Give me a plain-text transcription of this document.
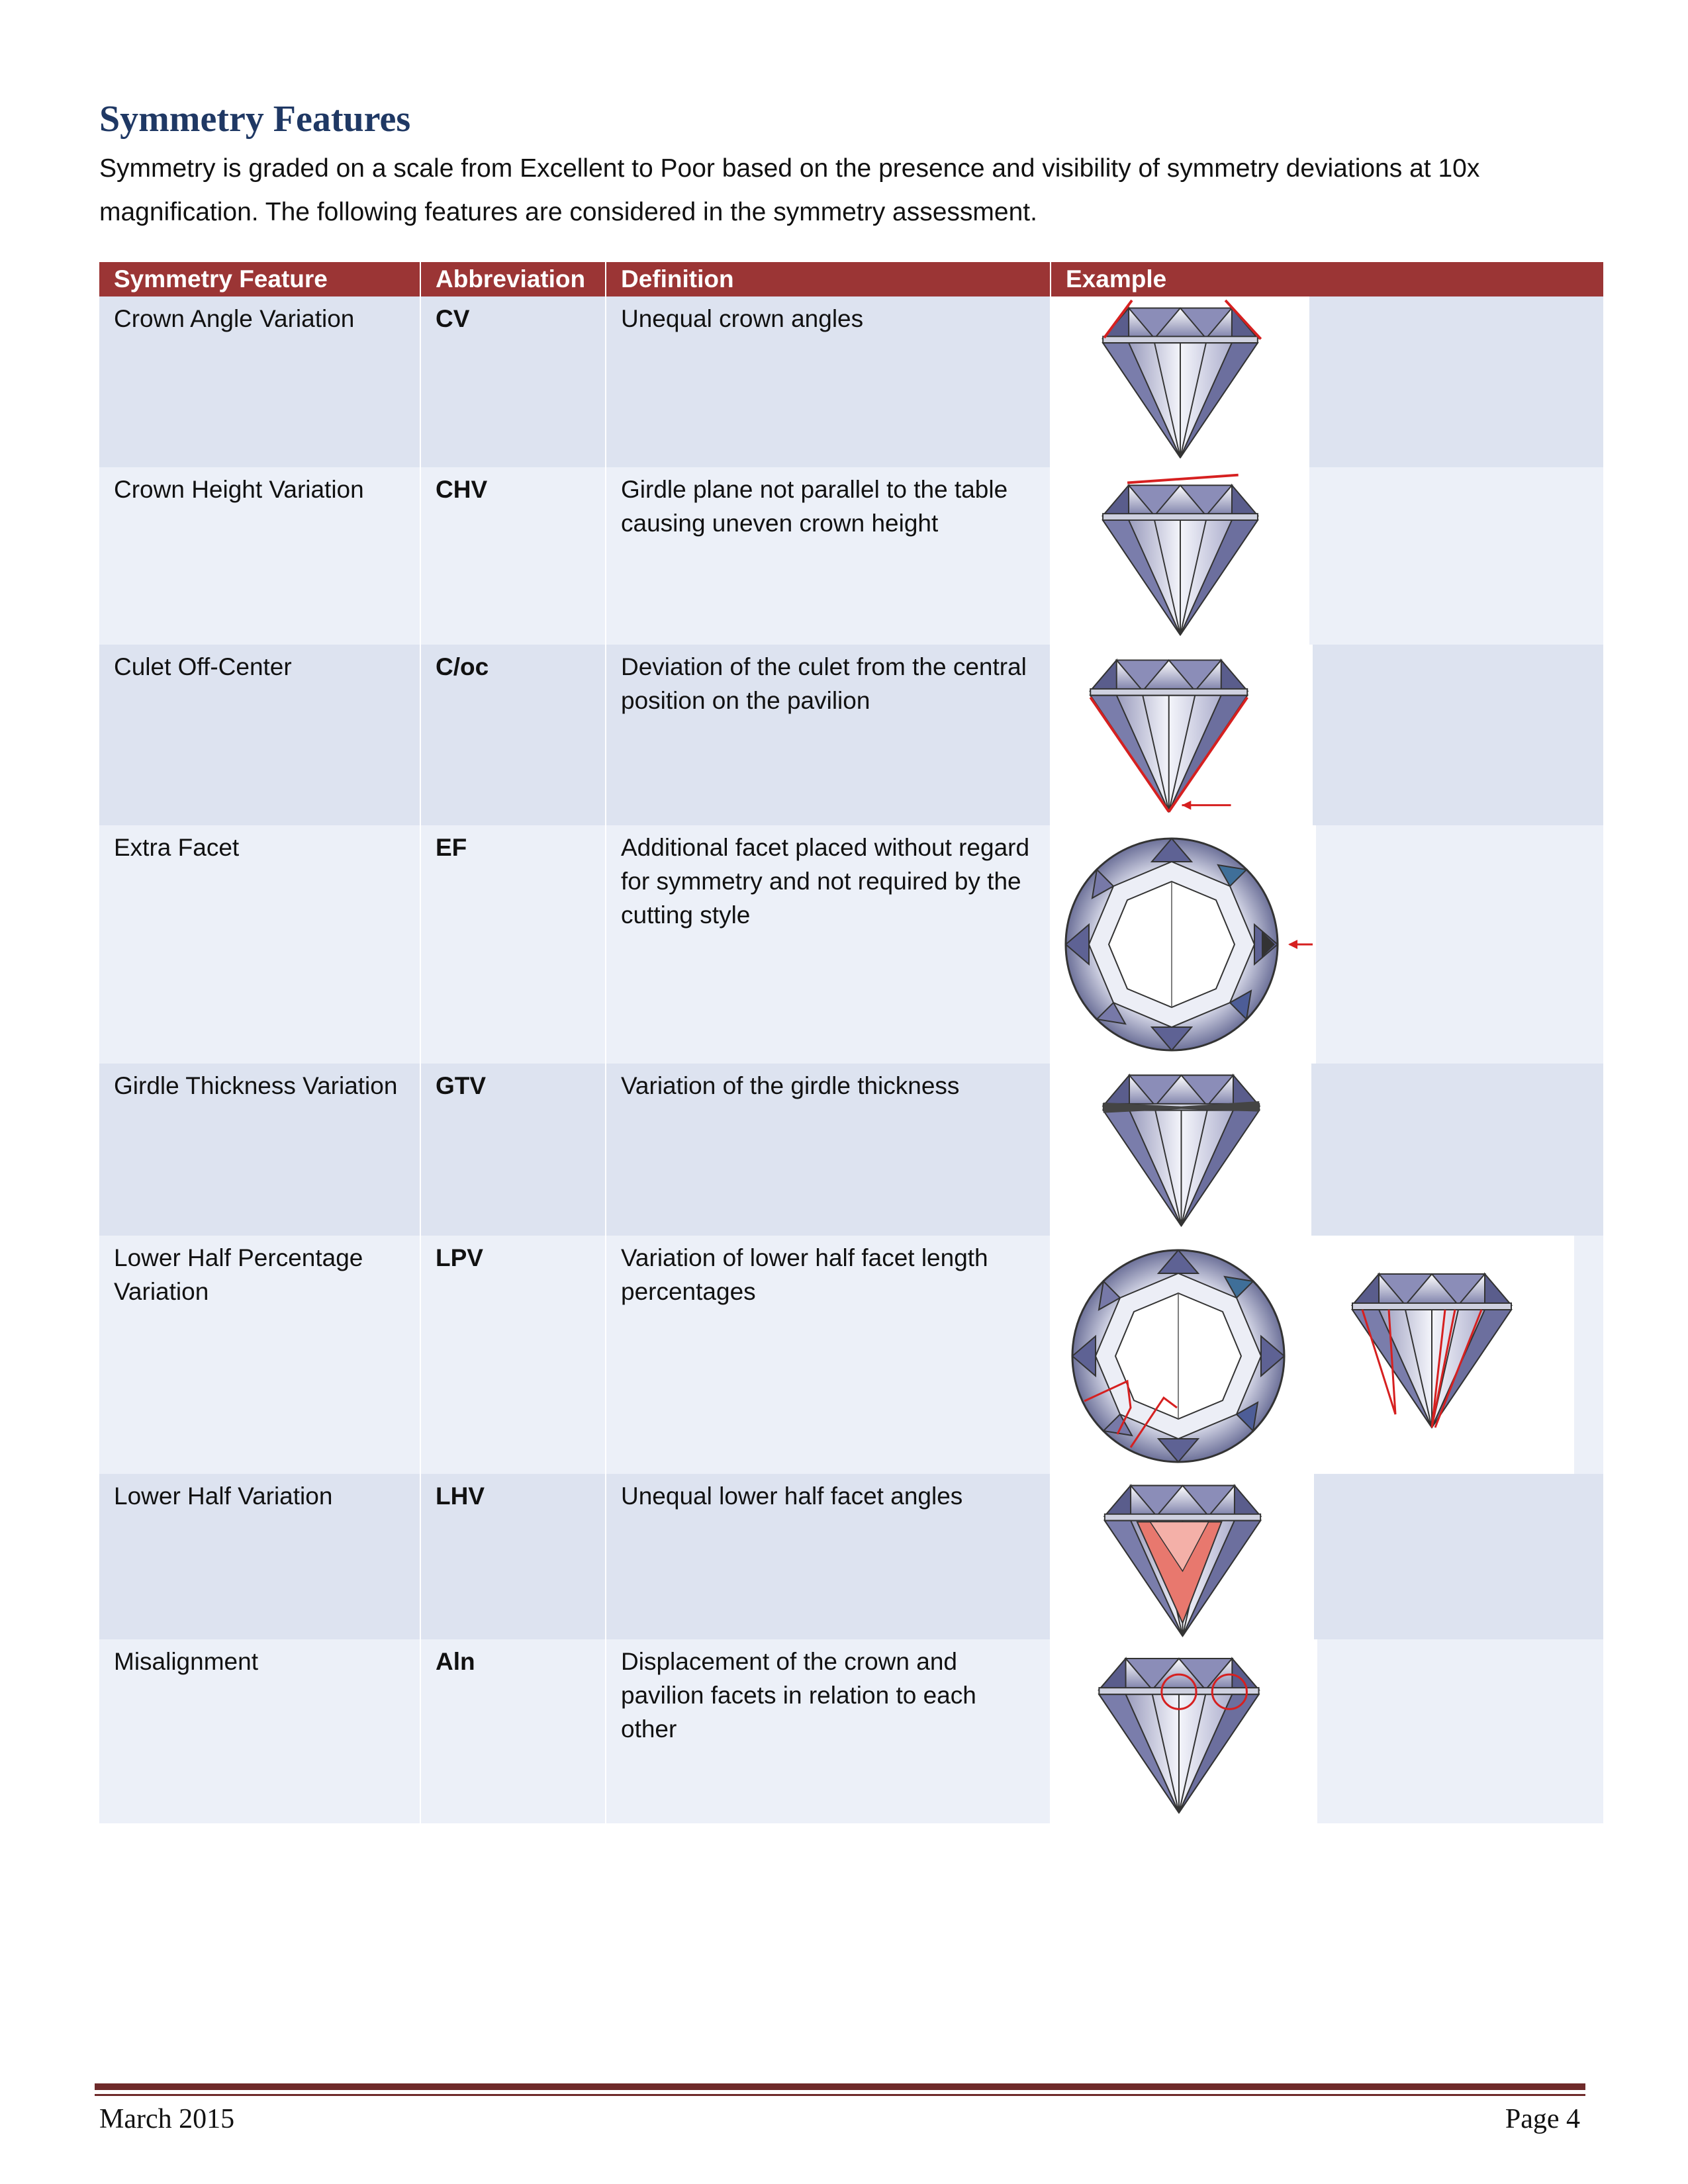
Symmetry Features

Symmetry is graded on a scale from Excellent to Poor based on the presence and visibility of symmetry deviations at 10x magnification. The following features are considered in the symmetry assessment.

Symmetry Feature	Abbreviation	Definition	Example
Crown Angle Variation	CV	Unequal crown angles	

Crown Height Variation	CHV	Girdle plane not parallel to the table causing uneven crown height	

Culet Off-Center	C/oc	Deviation of the culet from the central position on the pavilion	

Extra Facet	EF	Additional facet placed without regard for symmetry and not required by the cutting style	

Girdle Thickness Variation	GTV	Variation of the girdle thickness	

Lower Half Percentage Variation	LPV	Variation of lower half facet length percentages	

Lower Half Variation	LHV	Unequal lower half facet angles	

Misalignment	Aln	Displacement of the crown and pavilion facets in relation to each other	

March 2015	Page 4
